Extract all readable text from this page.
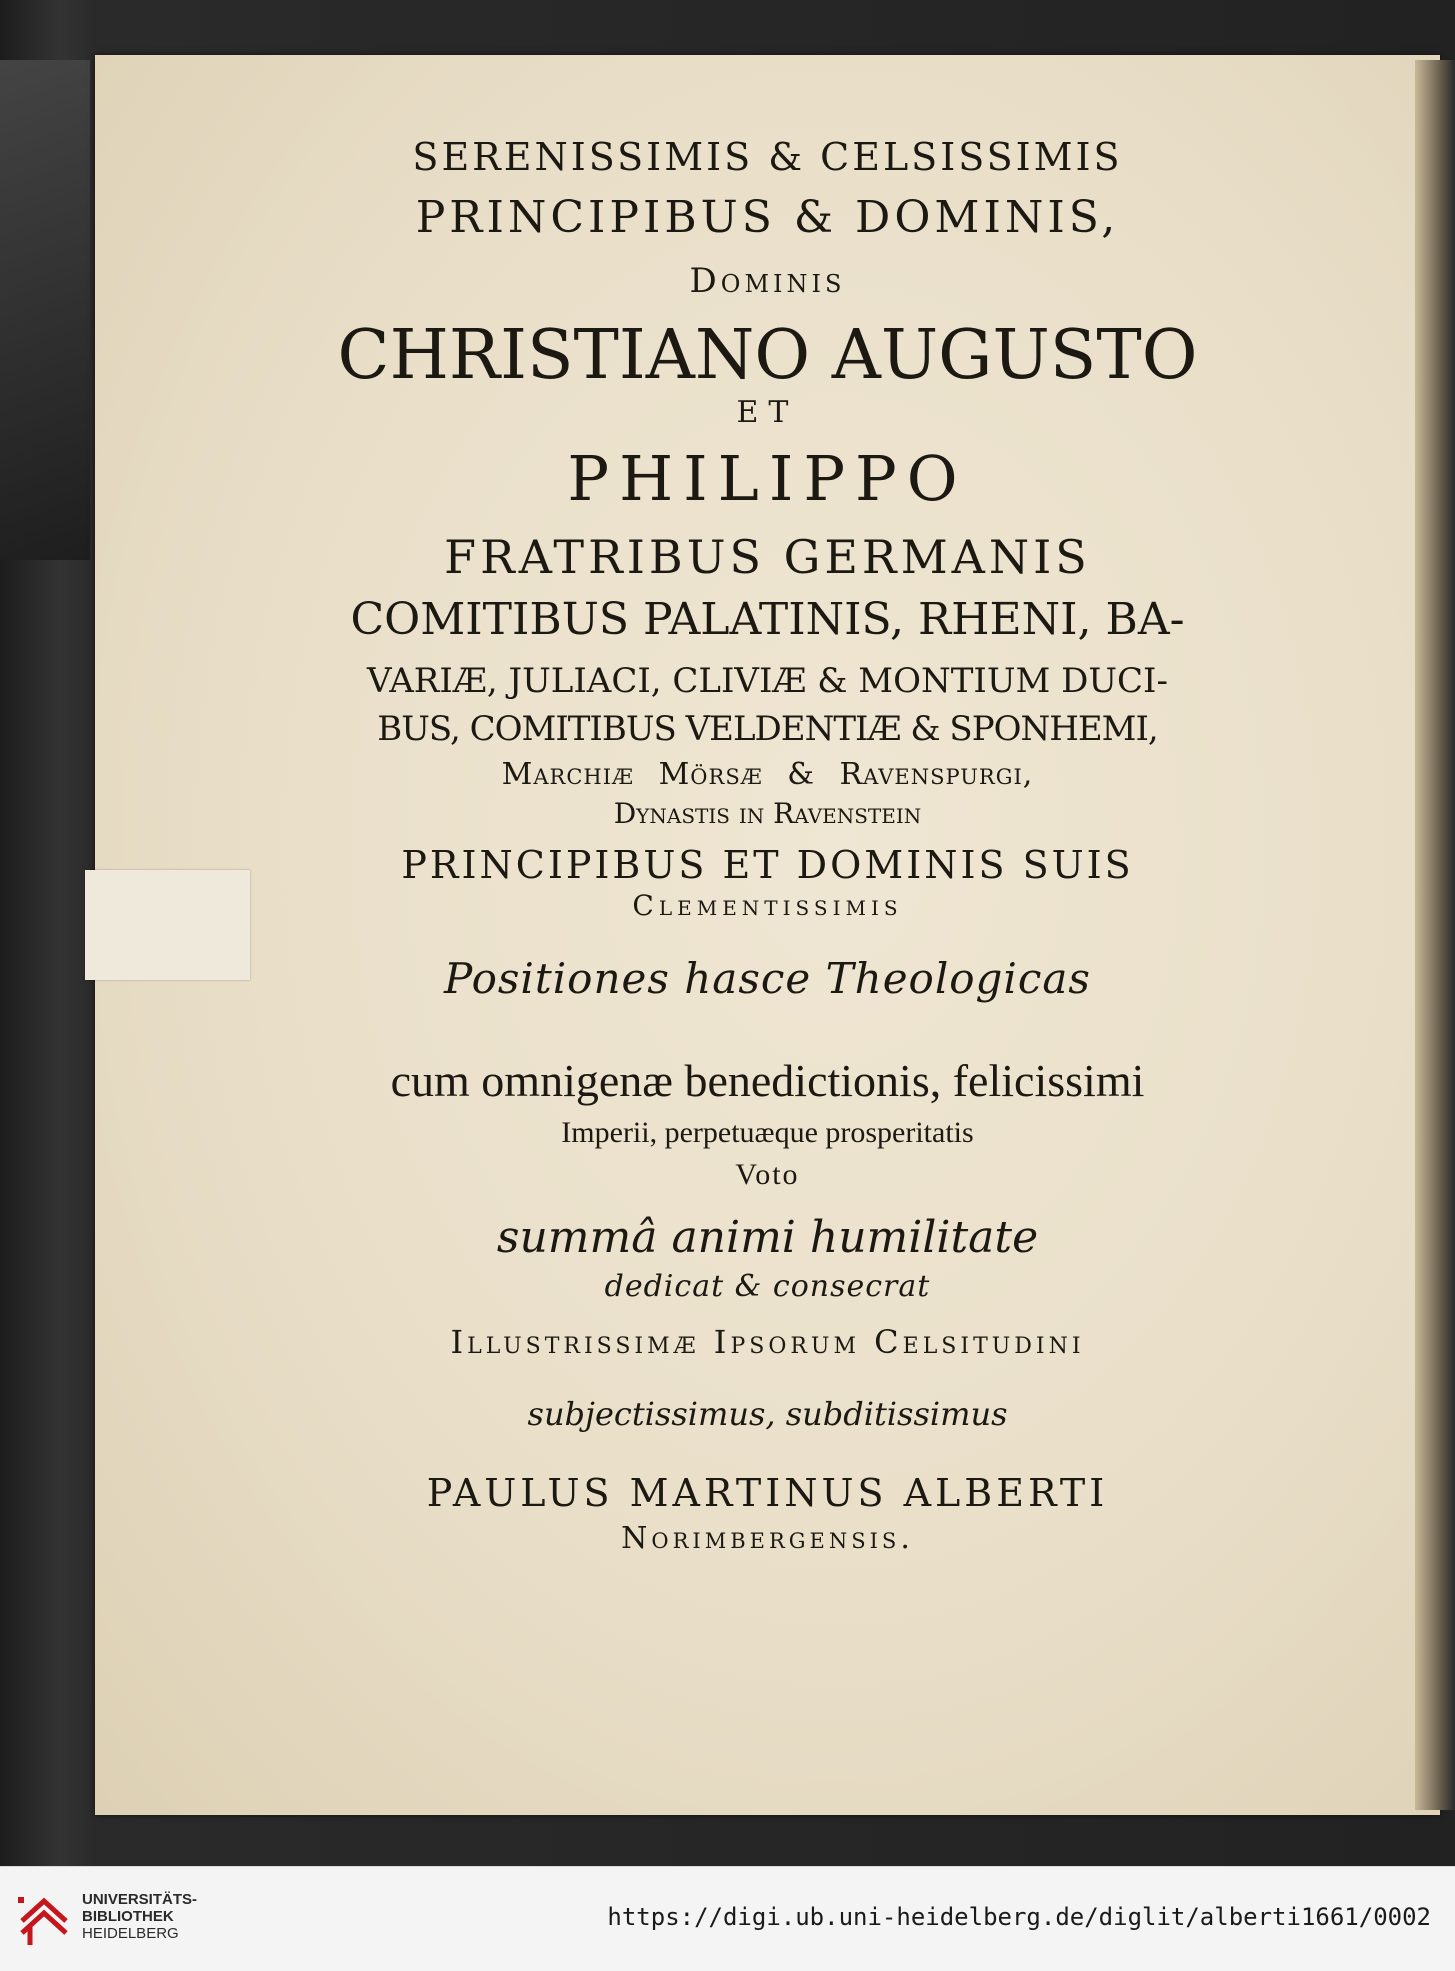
SERENISSIMIS & CELSISSIMIS
PRINCIPIBUS & DOMINIS,
Dominis
CHRISTIANO AUGUSTO
ET
PHILIPPO
FRATRIBUS GERMANIS
COMITIBUS PALATINIS, RHENI, BA-
VARIÆ, JULIACI, CLIVIÆ & MONTIUM DUCI-
BUS, COMITIBUS VELDENTIÆ & SPONHEMI,
Marchiæ Mörsæ & Ravenspurgi,
Dynastis in Ravenstein
PRINCIPIBUS ET DOMINIS SUIS
Clementissimis
Positiones hasce Theologicas
cum omnigenæ benedictionis, felicissimi
Imperii, perpetuæque prosperitatis
Voto
summâ animi humilitate
dedicat & consecrat
Illustrissimæ Ipsorum Celsitudini
subjectissimus, subditissimus
PAULUS MARTINUS ALBERTI
Norimbergensis.
UNIVERSITÄTS-
BIBLIOTHEK
HEIDELBERG
https://digi.ub.uni-heidelberg.de/diglit/alberti1661/0002
